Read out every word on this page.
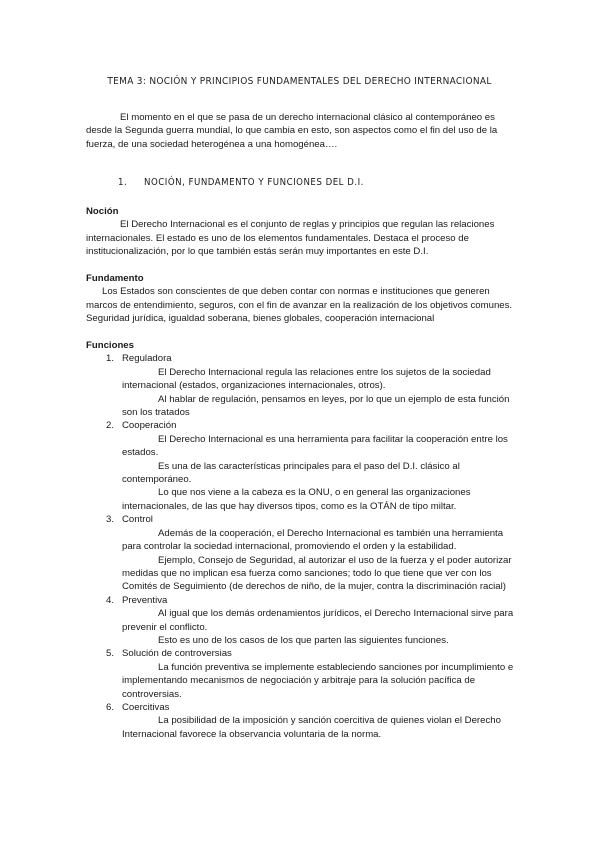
TEMA 3: NOCIÓN Y PRINCIPIOS FUNDAMENTALES DEL DERECHO INTERNACIONAL
El momento en el que se pasa de un derecho internacional clásico al contemporáneo es desde la Segunda guerra mundial, lo que cambia en esto, son aspectos como el fin del uso de la fuerza, de una sociedad heterogénea a una homogénea….
1. NOCIÓN, FUNDAMENTO Y FUNCIONES DEL D.I.
Noción
El Derecho Internacional es el conjunto de reglas y principios que regulan las relaciones internacionales. El estado es uno de los elementos fundamentales. Destaca el proceso de institucionalización, por lo que también estás serán muy importantes en este D.I.
Fundamento
Los Estados son conscientes de que deben contar con normas e instituciones que generen marcos de entendimiento, seguros, con el fin de avanzar en la realización de los objetivos comunes. Seguridad jurídica, igualdad soberana, bienes globales, cooperación internacional
Funciones
1. Reguladora
El Derecho Internacional regula las relaciones entre los sujetos de la sociedad internacional (estados, organizaciones internacionales, otros).
Al hablar de regulación, pensamos en leyes, por lo que un ejemplo de esta función son los tratados
2. Cooperación
El Derecho Internacional es una herramienta para facilitar la cooperación entre los estados.
Es una de las características principales para el paso del D.I. clásico al contemporáneo.
Lo que nos viene a la cabeza es la ONU, o en general las organizaciones internacionales, de las que hay diversos tipos, como es la OTÁN de tipo miltar.
3. Control
Además de la cooperación, el Derecho Internacional es también una herramienta para controlar la sociedad internacional, promoviendo el orden y la estabilidad.
Ejemplo, Consejo de Seguridad, al autorizar el uso de la fuerza y el poder autorizar medidas que no implican esa fuerza como sanciones; todo lo que tiene que ver con los Comités de Seguimiento (de derechos de niño, de la mujer, contra la discriminación racial)
4. Preventiva
Al igual que los demás ordenamientos jurídicos, el Derecho Internacional sirve para prevenir el conflicto.
Esto es uno de los casos de los que parten las siguientes funciones.
5. Solución de controversias
La función preventiva se implemente estableciendo sanciones por incumplimiento e implementando mecanismos de negociación y arbitraje para la solución pacífica de controversias.
6. Coercitivas
La posibilidad de la imposición y sanción coercitiva de quienes violan el Derecho Internacional favorece la observancia voluntaria de la norma.
